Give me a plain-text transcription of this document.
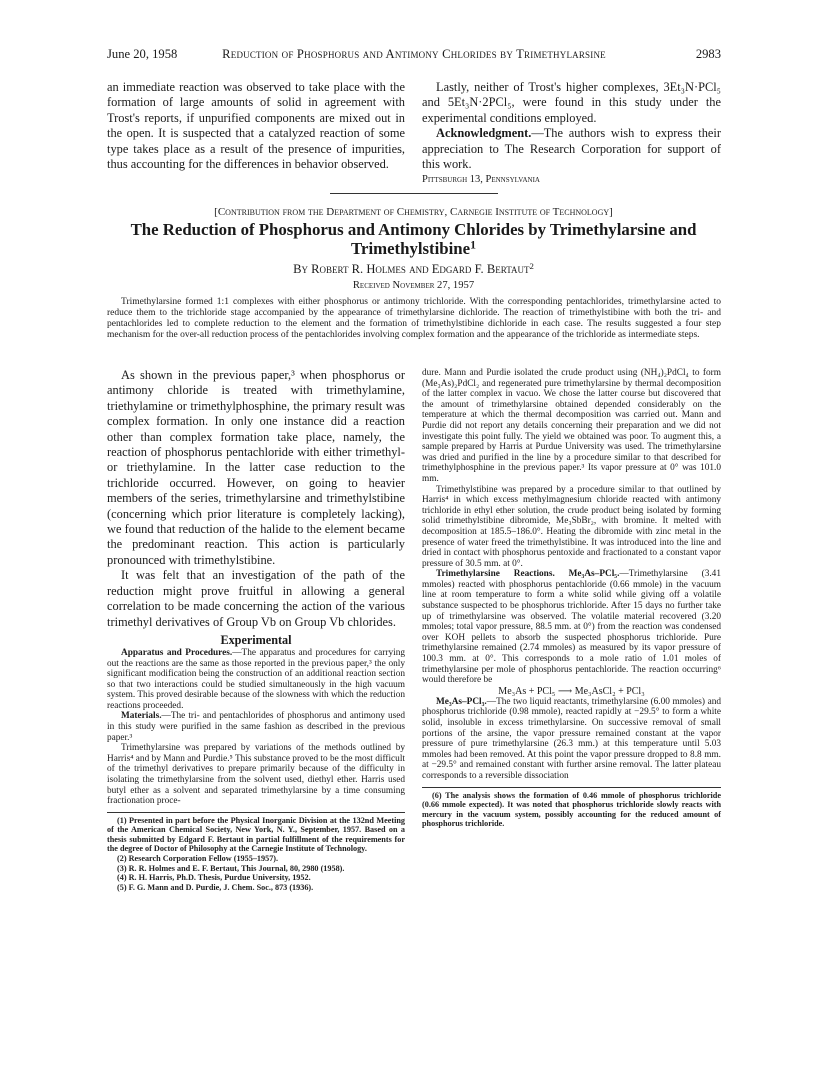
June 20, 1958	Reduction of Phosphorus and Antimony Chlorides by Trimethylarsine	2983

an immediate reaction was observed to take place with the formation of large amounts of solid in agreement with Trost's reports, if unpurified components are mixed out in the open. It is suspected that a catalyzed reaction of some type takes place as a result of the presence of impurities, thus accounting for the differences in behavior observed.

Lastly, neither of Trost's higher complexes, 3Et₃N·PCl₅ and 5Et₃N·2PCl₅, were found in this study under the experimental conditions employed.

Acknowledgment.—The authors wish to express their appreciation to The Research Corporation for support of this work.

Pittsburgh 13, Pennsylvania

[Contribution from the Department of Chemistry, Carnegie Institute of Technology]
The Reduction of Phosphorus and Antimony Chlorides by Trimethylarsine and
Trimethylstibine$^1$
By Robert R. Holmes and Edgard F. Bertaut$^2$
Received November 27, 1957
Trimethylarsine formed 1:1 complexes with either phosphorus or antimony trichloride. With the corresponding pentachlorides, trimethylarsine acted to reduce them to the trichloride stage accompanied by the appearance of trimethylarsine dichloride. The reaction of trimethylstibine with both the tri- and pentachlorides led to complete reduction to the element and the formation of trimethylstibine dichloride in each case. The results suggested a four step mechanism for the over-all reduction process of the pentachlorides involving complex formation and the appearance of the trichloride as intermediate steps.

As shown in the previous paper,³ when phosphorus or antimony chloride is treated with trimethylamine, triethylamine or trimethylphosphine, the primary result was complex formation. In only one instance did a reaction other than complex formation take place, namely, the reaction of phosphorus pentachloride with either trimethyl- or triethylamine. In the latter case reduction to the trichloride occurred. However, on going to heavier members of the series, trimethylarsine and trimethylstibine (concerning which prior literature is completely lacking), we found that reduction of the halide to the element became the predominant reaction. This action is particularly pronounced with trimethylstibine.

It was felt that an investigation of the path of the reduction might prove fruitful in allowing a general correlation to be made concerning the action of the various trimethyl derivatives of Group Vb on Group Vb chlorides.

Experimental

Apparatus and Procedures.—The apparatus and procedures for carrying out the reactions are the same as those reported in the previous paper,³ the only significant modification being the construction of an additional reaction section so that two interactions could be studied simultaneously in the high vacuum system. This proved desirable because of the slowness with which the reduction reactions proceeded.

Materials.—The tri- and pentachlorides of phosphorus and antimony used in this study were purified in the same fashion as described in the previous paper.³

Trimethylarsine was prepared by variations of the methods outlined by Harris⁴ and by Mann and Purdie.⁵ This substance proved to be the most difficult of the trimethyl derivatives to prepare primarily because of the difficulty in isolating the trimethylarsine from the solvent used, diethyl ether. Harris used butyl ether as a solvent and separated trimethylarsine by a time consuming fractionation proce-

(1) Presented in part before the Physical Inorganic Division at the 132nd Meeting of the American Chemical Society, New York, N. Y., September, 1957. Based on a thesis submitted by Edgard F. Bertaut in partial fulfillment of the requirements for the degree of Doctor of Philosophy at the Carnegie Institute of Technology.

(2) Research Corporation Fellow (1955–1957).

(3) R. R. Holmes and E. F. Bertaut, This Journal, 80, 2980 (1958).

(4) R. H. Harris, Ph.D. Thesis, Purdue University, 1952.

(5) F. G. Mann and D. Purdie, J. Chem. Soc., 873 (1936).

dure. Mann and Purdie isolated the crude product using (NH₄)₂PdCl₄ to form (Me₃As)₂PdCl₂ and regenerated pure trimethylarsine by thermal decomposition of the latter complex in vacuo. We chose the latter course but discovered that the amount of trimethylarsine obtained depended considerably on the temperature at which the thermal decomposition was carried out. Mann and Purdie did not report any details concerning their preparation and we did not investigate this point fully. The yield we obtained was poor. To augment this, a sample prepared by Harris at Purdue University was used. The trimethylarsine was dried and purified in the line by a procedure similar to that described for trimethylphosphine in the previous paper.³ Its vapor pressure at 0° was 101.0 mm.

Trimethylstibine was prepared by a procedure similar to that outlined by Harris⁴ in which excess methylmagnesium chloride reacted with antimony trichloride in ethyl ether solution, the crude product being isolated by forming solid trimethylstibine dibromide, Me₃SbBr₂, with bromine. It melted with decomposition at 185.5–186.0°. Heating the dibromide with zinc metal in the presence of water freed the trimethylstibine. It was introduced into the line and dried in contact with phosphorus pentoxide and fractionated to a constant vapor pressure of 30.5 mm. at 0°.

Trimethylarsine Reactions. Me₃As–PCl₅.—Trimethylarsine (3.41 mmoles) reacted with phosphorus pentachloride (0.66 mmole) in the vacuum line at room temperature to form a white solid while giving off a volatile substance suspected to be phosphorus trichloride. After 15 days no further take up of trimethylarsine was observed. The volatile material recovered (3.20 mmoles; total vapor pressure, 88.5 mm. at 0°) from the reaction was condensed over KOH pellets to absorb the suspected phosphorus trichloride. Pure trimethylarsine remained (2.74 mmoles) as measured by its vapor pressure of 100.3 mm. at 0°. This corresponds to a mole ratio of 1.01 moles of trimethylarsine per mole of phosphorus pentachloride. The reaction occurring⁶ would therefore be

Me₃As + PCl₅ ⟶ Me₃AsCl₂ + PCl₃

Me₃As–PCl₃.—The two liquid reactants, trimethylarsine (6.00 mmoles) and phosphorus trichloride (0.98 mmole), reacted rapidly at −29.5° to form a white solid, insoluble in excess trimethylarsine. On successive removal of small portions of the arsine, the vapor pressure remained constant at the vapor pressure of pure trimethylarsine (26.3 mm.) at this temperature until 5.03 mmoles had been removed. At this point the vapor pressure dropped to 8.8 mm. at −29.5° and remained constant with further arsine removal. The latter plateau corresponds to a reversible dissociation

(6) The analysis shows the formation of 0.46 mmole of phosphorus trichloride (0.66 mmole expected). It was noted that phosphorus trichloride slowly reacts with mercury in the vacuum system, possibly accounting for the reduced amount of phosphorus trichloride.
